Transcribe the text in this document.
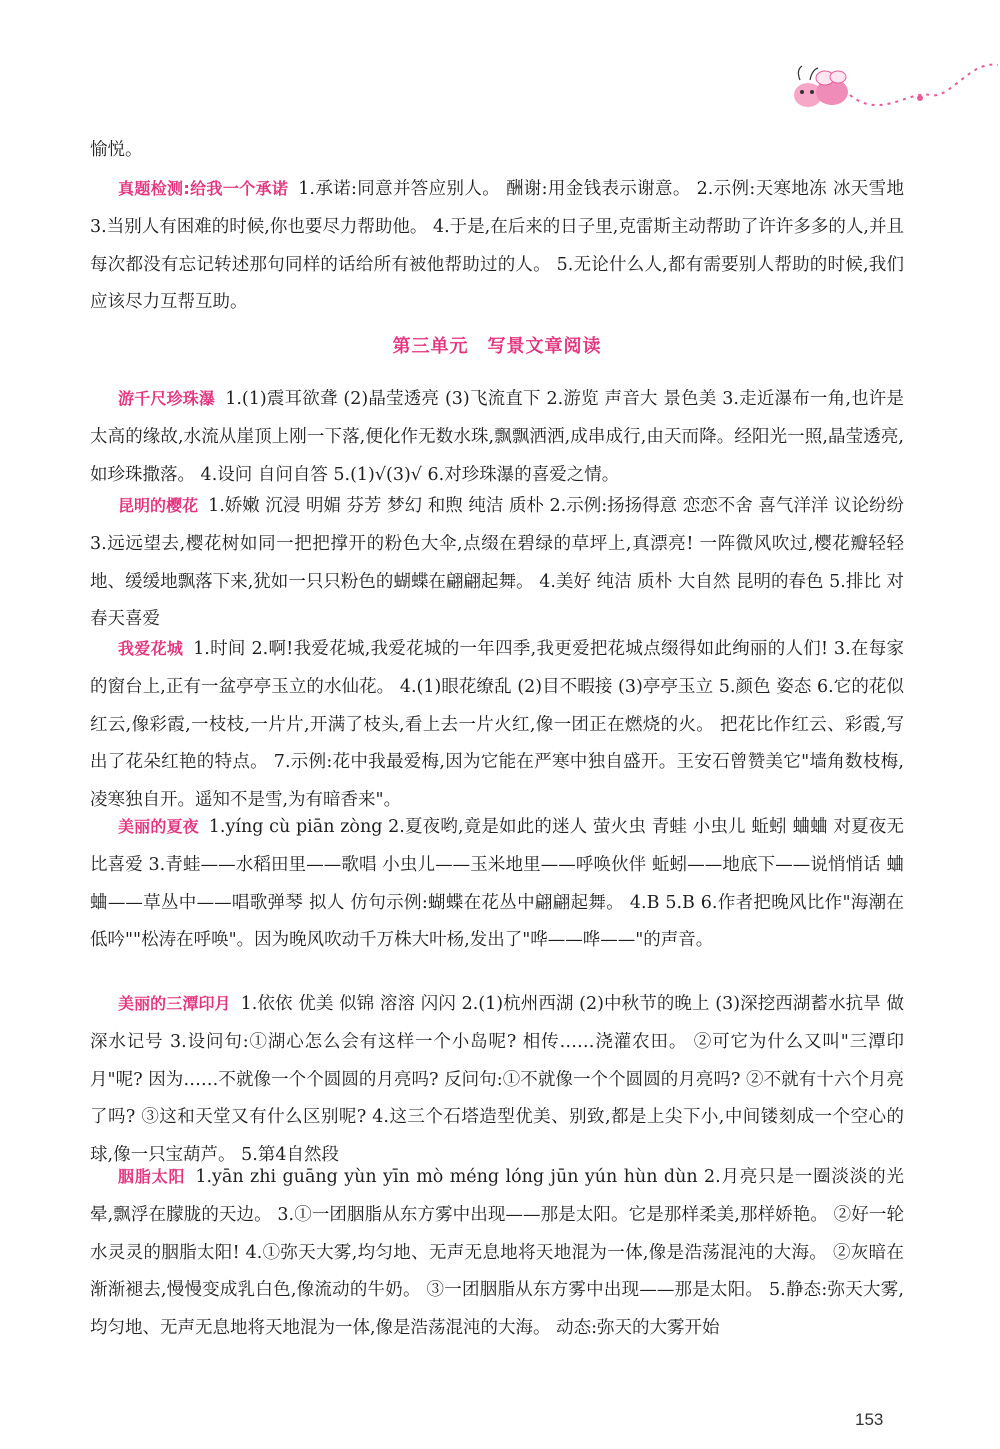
愉悦。
真题检测:给我一个承诺 1.承诺:同意并答应别人。 酬谢:用金钱表示谢意。 2.示例:天寒地冻 冰天雪地 3.当别人有困难的时候,你也要尽力帮助他。 4.于是,在后来的日子里,克雷斯主动帮助了许许多多的人,并且每次都没有忘记转述那句同样的话给所有被他帮助过的人。 5.无论什么人,都有需要别人帮助的时候,我们应该尽力互帮互助。
第三单元　写景文章阅读
游千尺珍珠瀑 1.(1)震耳欲聋 (2)晶莹透亮 (3)飞流直下 2.游览 声音大 景色美 3.走近瀑布一角,也许是太高的缘故,水流从崖顶上刚一下落,便化作无数水珠,飘飘洒洒,成串成行,由天而降。经阳光一照,晶莹透亮,如珍珠撒落。 4.设问 自问自答 5.(1)√(3)√ 6.对珍珠瀑的喜爱之情。
昆明的樱花 1.娇嫩 沉浸 明媚 芬芳 梦幻 和煦 纯洁 质朴 2.示例:扬扬得意 恋恋不舍 喜气洋洋 议论纷纷 3.远远望去,樱花树如同一把把撑开的粉色大伞,点缀在碧绿的草坪上,真漂亮! 一阵微风吹过,樱花瓣轻轻地、缓缓地飘落下来,犹如一只只粉色的蝴蝶在翩翩起舞。 4.美好 纯洁 质朴 大自然 昆明的春色 5.排比 对春天喜爱
我爱花城 1.时间 2.啊!我爱花城,我爱花城的一年四季,我更爱把花城点缀得如此绚丽的人们! 3.在每家的窗台上,正有一盆亭亭玉立的水仙花。 4.(1)眼花缭乱 (2)目不暇接 (3)亭亭玉立 5.颜色 姿态 6.它的花似红云,像彩霞,一枝枝,一片片,开满了枝头,看上去一片火红,像一团正在燃烧的火。 把花比作红云、彩霞,写出了花朵红艳的特点。 7.示例:花中我最爱梅,因为它能在严寒中独自盛开。王安石曾赞美它"墙角数枝梅,凌寒独自开。遥知不是雪,为有暗香来"。
美丽的夏夜 1.yíng cù piān zòng 2.夏夜哟,竟是如此的迷人 萤火虫 青蛙 小虫儿 蚯蚓 蛐蛐 对夏夜无比喜爱 3.青蛙——水稻田里——歌唱 小虫儿——玉米地里——呼唤伙伴 蚯蚓——地底下——说悄悄话 蛐蛐——草丛中——唱歌弹琴 拟人 仿句示例:蝴蝶在花丛中翩翩起舞。 4.B 5.B 6.作者把晚风比作"海潮在低吟""松涛在呼唤"。因为晚风吹动千万株大叶杨,发出了"哗——哗——"的声音。
美丽的三潭印月 1.依依 优美 似锦 溶溶 闪闪 2.(1)杭州西湖 (2)中秋节的晚上 (3)深挖西湖蓄水抗旱 做深水记号 3.设问句:①湖心怎么会有这样一个小岛呢? 相传……浇灌农田。 ②可它为什么又叫"三潭印月"呢? 因为……不就像一个个圆圆的月亮吗? 反问句:①不就像一个个圆圆的月亮吗? ②不就有十六个月亮了吗? ③这和天堂又有什么区别呢? 4.这三个石塔造型优美、别致,都是上尖下小,中间镂刻成一个空心的球,像一只宝葫芦。 5.第4自然段
胭脂太阳 1.yān zhi guāng yùn yīn mò méng lóng jūn yún hùn dùn 2.月亮只是一圈淡淡的光晕,飘浮在朦胧的天边。 3.①一团胭脂从东方雾中出现——那是太阳。它是那样柔美,那样娇艳。 ②好一轮水灵灵的胭脂太阳! 4.①弥天大雾,均匀地、无声无息地将天地混为一体,像是浩荡混沌的大海。 ②灰暗在渐渐褪去,慢慢变成乳白色,像流动的牛奶。 ③一团胭脂从东方雾中出现——那是太阳。 5.静态:弥天大雾,均匀地、无声无息地将天地混为一体,像是浩荡混沌的大海。 动态:弥天的大雾开始
153
